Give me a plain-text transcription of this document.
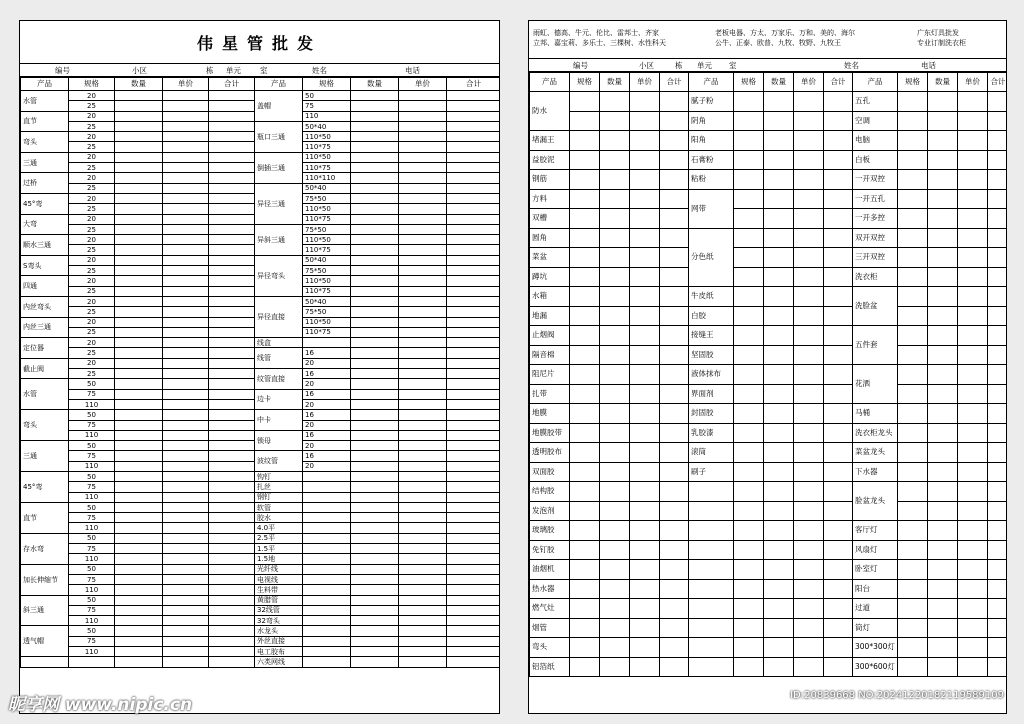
伟星管批发
编号	小区	栋 单元	室	姓名	电话
产品	规格	数量	单价	合计	产品	规格	数量	单价	合计
水管	20				盖帽	50			
	25					75			
直节	20					110			
	25				瓶口三通	50*40			
弯头	20					110*50			
	25					110*75			
三通	20				倒插三通	110*50			
	25					110*75			
过桥	20					110*110			
	25				异径三通	50*40			
45°弯	20					75*50			
	25					110*50			
大弯	20					110*75			
	25				异斜三通	75*50			
顺水三通	20					110*50			
	25					110*75			
S弯头	20				异径弯头	50*40			
	25					75*50			
四通	20					110*50			
	25					110*75			
内丝弯头	20				异径直接	50*40			
	25					75*50			
内丝三通	20					110*50			
	25					110*75			
定位器	20				线盒				
	25				线管	16			
截止阀	20					20			
	25				纹管直接	16			
水管	50					20			
	75				边卡	16			
	110					20			
弯头	50				中卡	16			
	75					20			
	110				锁母	16			
三通	50					20			
	75				波纹管	16			
	110					20			
45°弯	50				钩钉				
	75				扎丝				
	110				钢钉				
直节	50				软管				
	75				胶水				
	110				4.0平				
存水弯	50				2.5平				
	75				1.5平				
	110				1.5地				
加长伸缩节	50				光纤线				
	75				电视线				
	110				生料带				
斜三通	50				黄腊管				
	75				32线管				
	110				32弯头				
透气帽	50				水龙头				
	75				外丝直接				
	110				电工胶布				
					六类网线				
雨虹、德高、牛元、伦比、雷邦士、齐家
立邦、嘉宝莉、多乐士、三棵树、水性科天
老板电器、方太、万家乐、万和、美的、海尔
公牛、正泰、欧普、九牧、牧野、九牧王
广东灯具批发
专业订制洗衣柜
编号	小区	栋 单元 室	姓名	电话
产品	规格	数量	单价	合计	产品	规格	数量	单价	合计	产品	规格	数量	单价	合计
防水					腻子粉					五孔				
					阴角					空调				
堵漏王					阳角					电脑				
益胶泥					石膏粉					白板				
钢筋					粘粉					一开双控				
方料					网带					一开五孔				
双槽										一开多控				
圆角					分色纸					双开双控				
菜盆										三开双控				
蹲坑										洗衣柜				
水箱					牛皮纸					洗脸盆				
地漏					白胶									
止烟阀					接缝王					五件套				
隔音棉					坚固胶									
阻尼片					液体抹布					花洒				
扎带					界面剂									
地膜					封固胶					马桶				
地膜胶带					乳胶漆					洗衣柜龙头				
透明胶布					滚筒					菜盆龙头				
双面胶					刷子					下水器				
结构胶										脸盆龙头				
发泡剂														
玻璃胶										客厅灯				
免钉胶										风扇灯				
油烟机										卧室灯				
热水器										阳台				
燃气灶										过道				
烟管										筒灯				
弯头										300*300灯				
铝箔纸										300*600灯				
昵享网 www.nipic.cn	ID:20839668 NO:20241220182119589109
